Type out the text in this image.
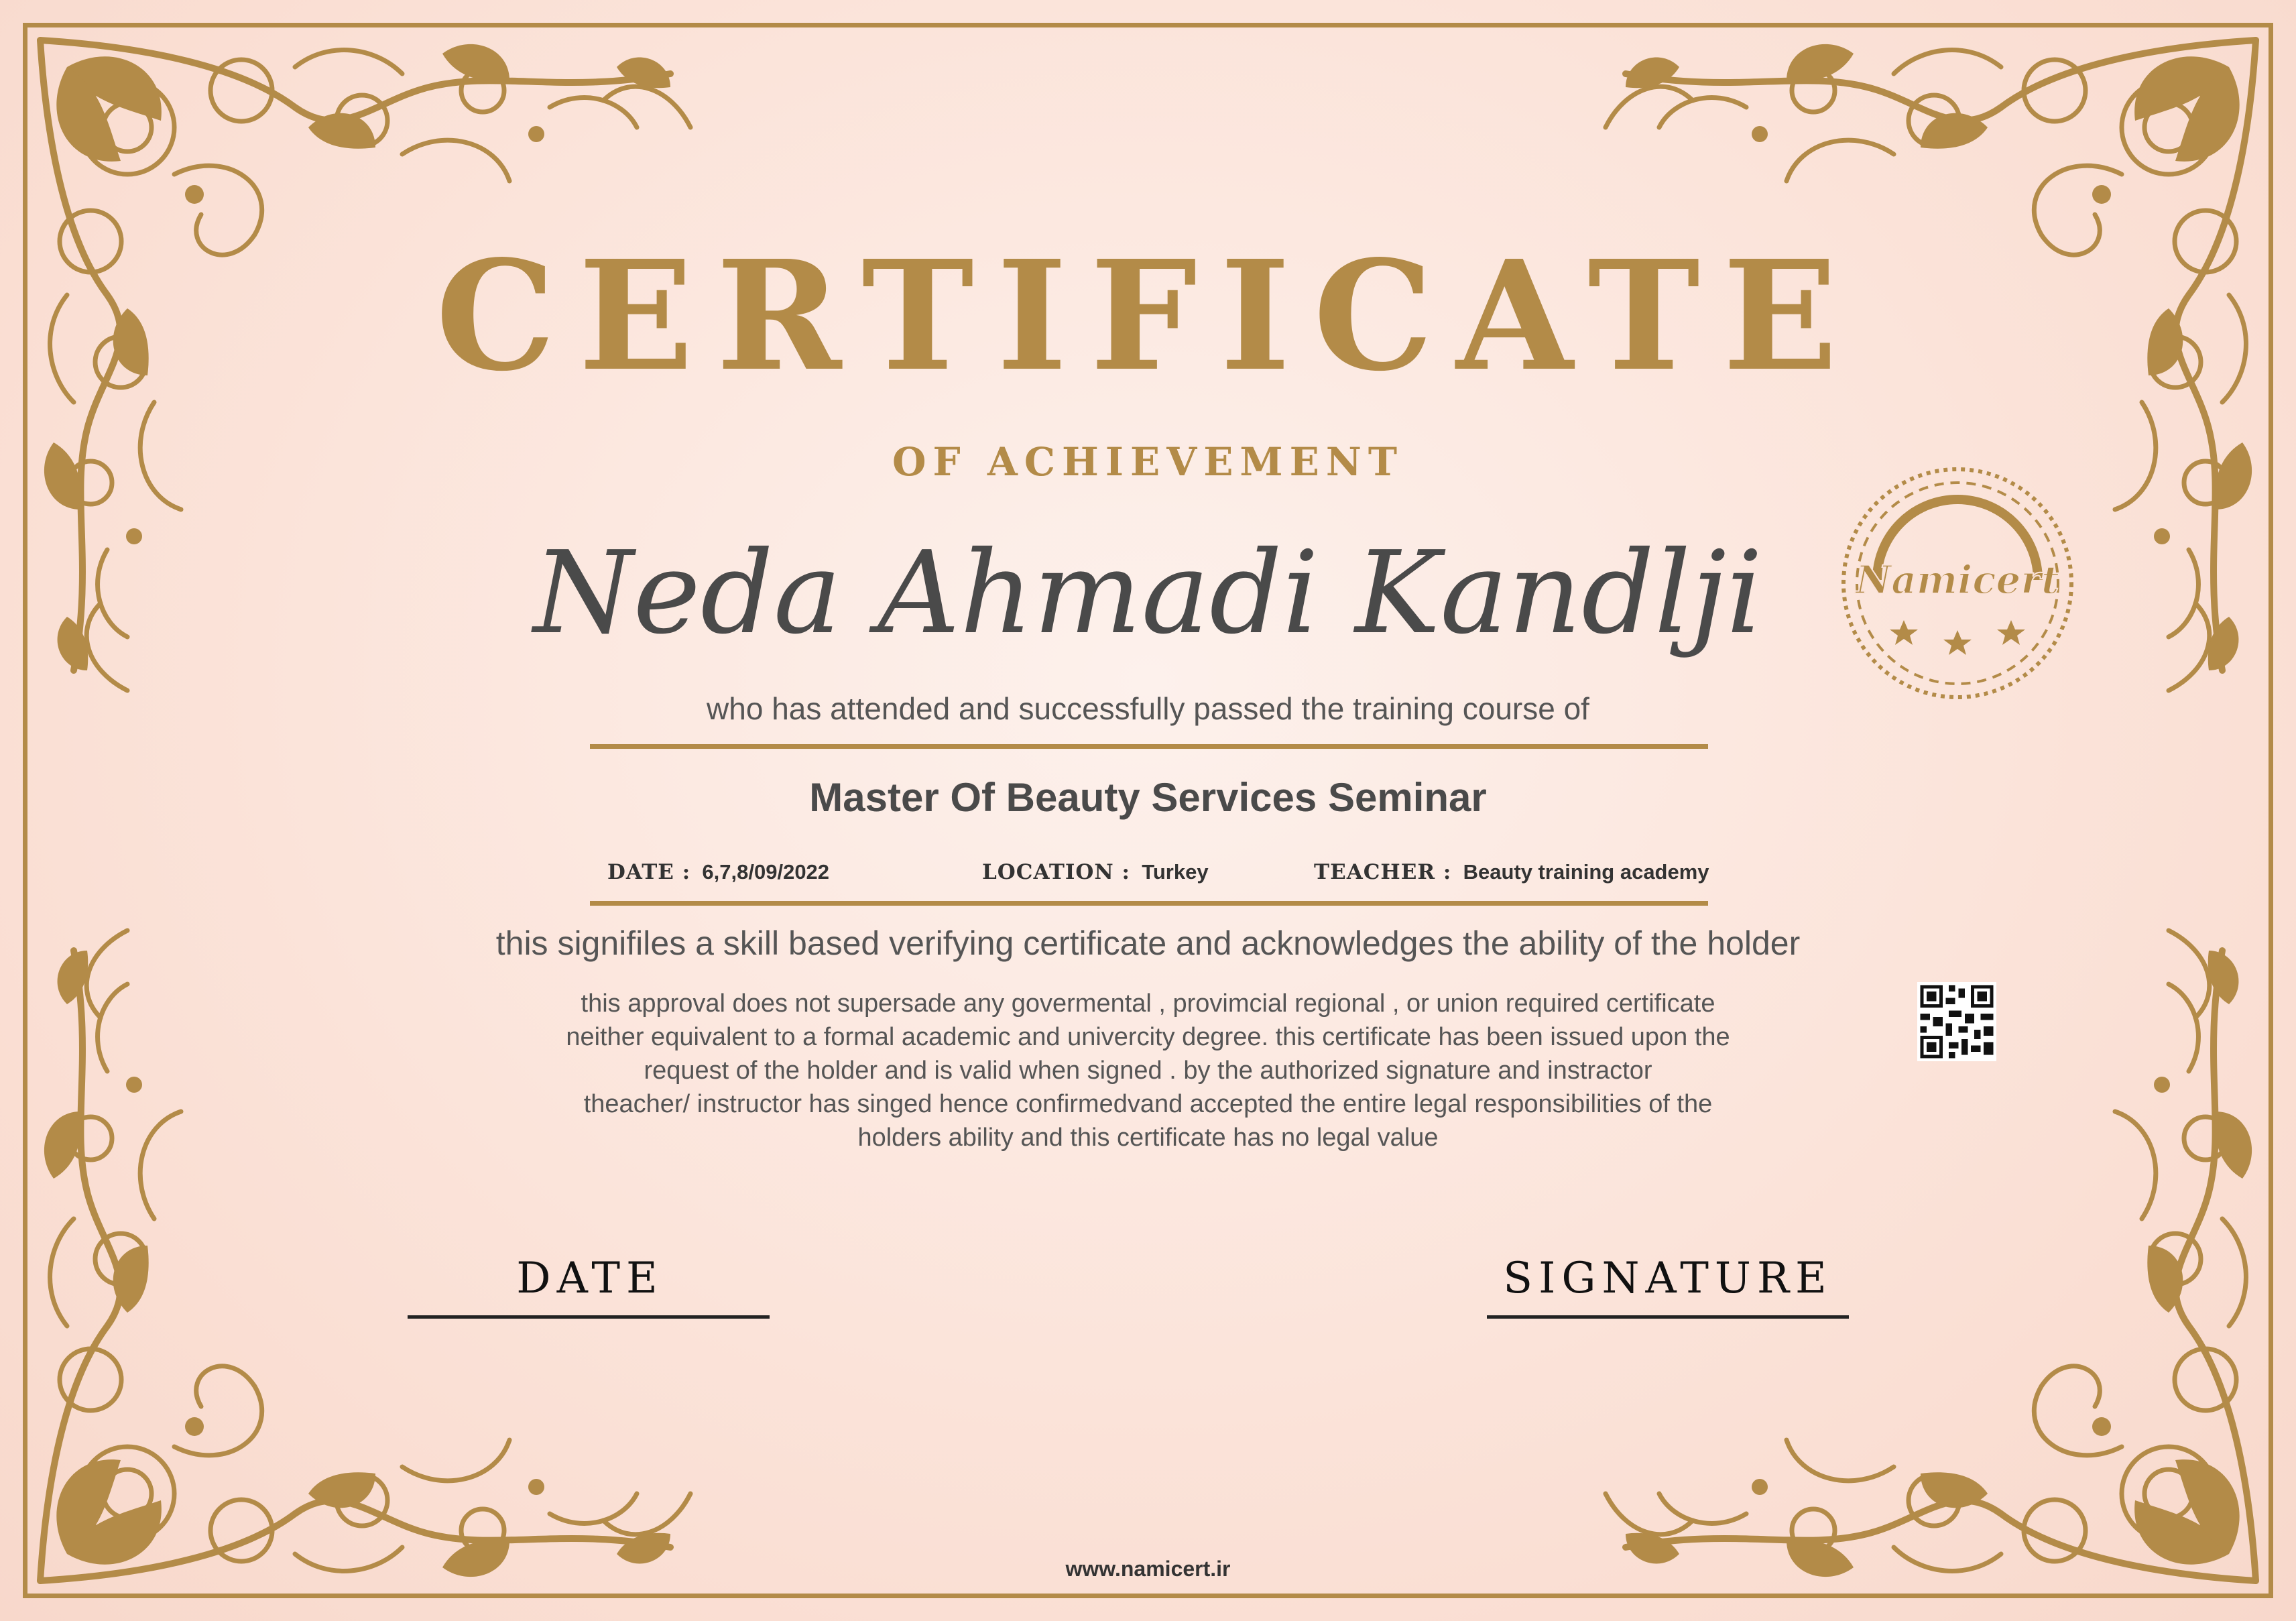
CERTIFICATE
OF ACHIEVEMENT
Neda Ahmadi Kandlji
who has attended and successfully passed the training course of
Master Of Beauty Services Seminar
DATE : 6,7,8/09/2022	LOCATION : Turkey	TEACHER : Beauty training academy
this signifiles a skill based verifying certificate and acknowledges the ability of the holder
this approval does not supersade any govermental , provimcial regional , or union required certificate
neither equivalent to a formal academic and univercity degree. this certificate has been issued upon the
request of the holder and is valid when signed . by the authorized signature and instractor
theacher/ instructor has singed hence confirmedvand accepted the entire legal responsibilities of the
holders ability and this certificate has no legal value
Namicert
DATE	SIGNATURE
www.namicert.ir
